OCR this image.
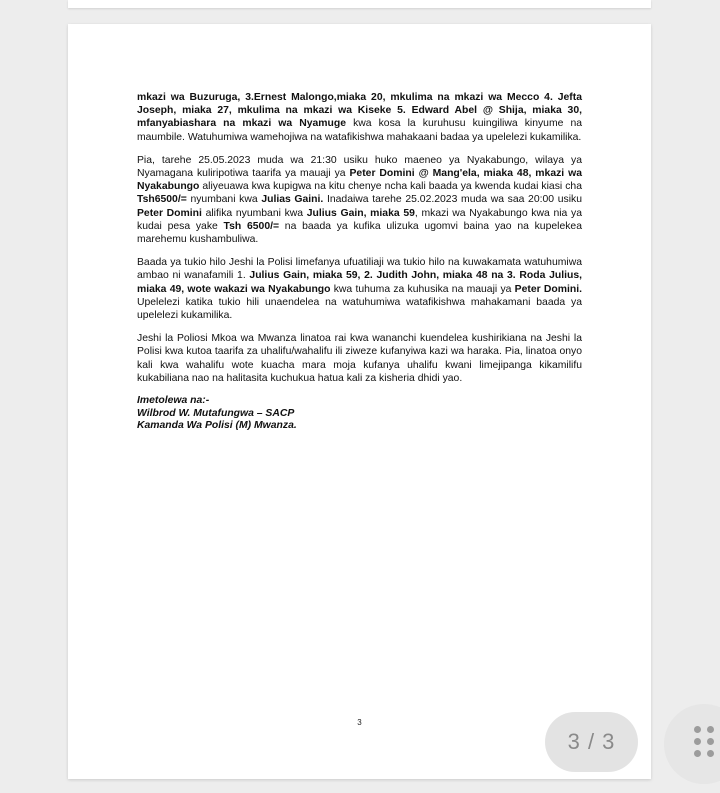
mkazi wa Buzuruga, 3.Ernest Malongo,miaka 20, mkulima na mkazi wa Mecco 4. Jefta Joseph, miaka 27, mkulima na mkazi wa Kiseke 5. Edward Abel @ Shija, miaka 30, mfanyabiashara na mkazi wa Nyamuge kwa kosa la kuruhusu kuingiliwa kinyume na maumbile. Watuhumiwa wamehojiwa na watafikishwa mahakaani badaa ya upelelezi kukamilika.

Pia, tarehe 25.05.2023 muda wa 21:30 usiku huko maeneo ya Nyakabungo, wilaya ya Nyamagana kuliripotiwa taarifa ya mauaji ya Peter Domini @ Mang'ela, miaka 48, mkazi wa Nyakabungo aliyeuawa kwa kupigwa na kitu chenye ncha kali baada ya kwenda kudai kiasi cha Tsh6500/= nyumbani kwa Julias Gaini. Inadaiwa tarehe 25.02.2023 muda wa saa 20:00 usiku Peter Domini alifika nyumbani kwa Julius Gain, miaka 59, mkazi wa Nyakabungo kwa nia ya kudai pesa yake Tsh 6500/= na baada ya kufika ulizuka ugomvi baina yao na kupelekea marehemu kushambuliwa.

Baada ya tukio hilo Jeshi la Polisi limefanya ufuatiliaji wa tukio hilo na kuwakamata watuhumiwa ambao ni wanafamili 1. Julius Gain, miaka 59, 2. Judith John, miaka 48 na 3. Roda Julius, miaka 49, wote wakazi wa Nyakabungo kwa tuhuma za kuhusika na mauaji ya Peter Domini. Upelelezi katika tukio hili unaendelea na watuhumiwa watafikishwa mahakamani baada ya upelelezi kukamilika.

Jeshi la Poliosi Mkoa wa Mwanza linatoa rai kwa wananchi kuendelea kushirikiana na Jeshi la Polisi kwa kutoa taarifa za uhalifu/wahalifu ili ziweze kufanyiwa kazi wa haraka. Pia, linatoa onyo kali kwa wahalifu wote kuacha mara moja kufanya uhalifu kwani limejipanga kikamilifu kukabiliana nao na halitasita kuchukua hatua kali za kisheria dhidi yao.

Imetolewa na:-
Wilbrod W. Mutafungwa – SACP
Kamanda Wa Polisi (M) Mwanza.
3
3 / 3
